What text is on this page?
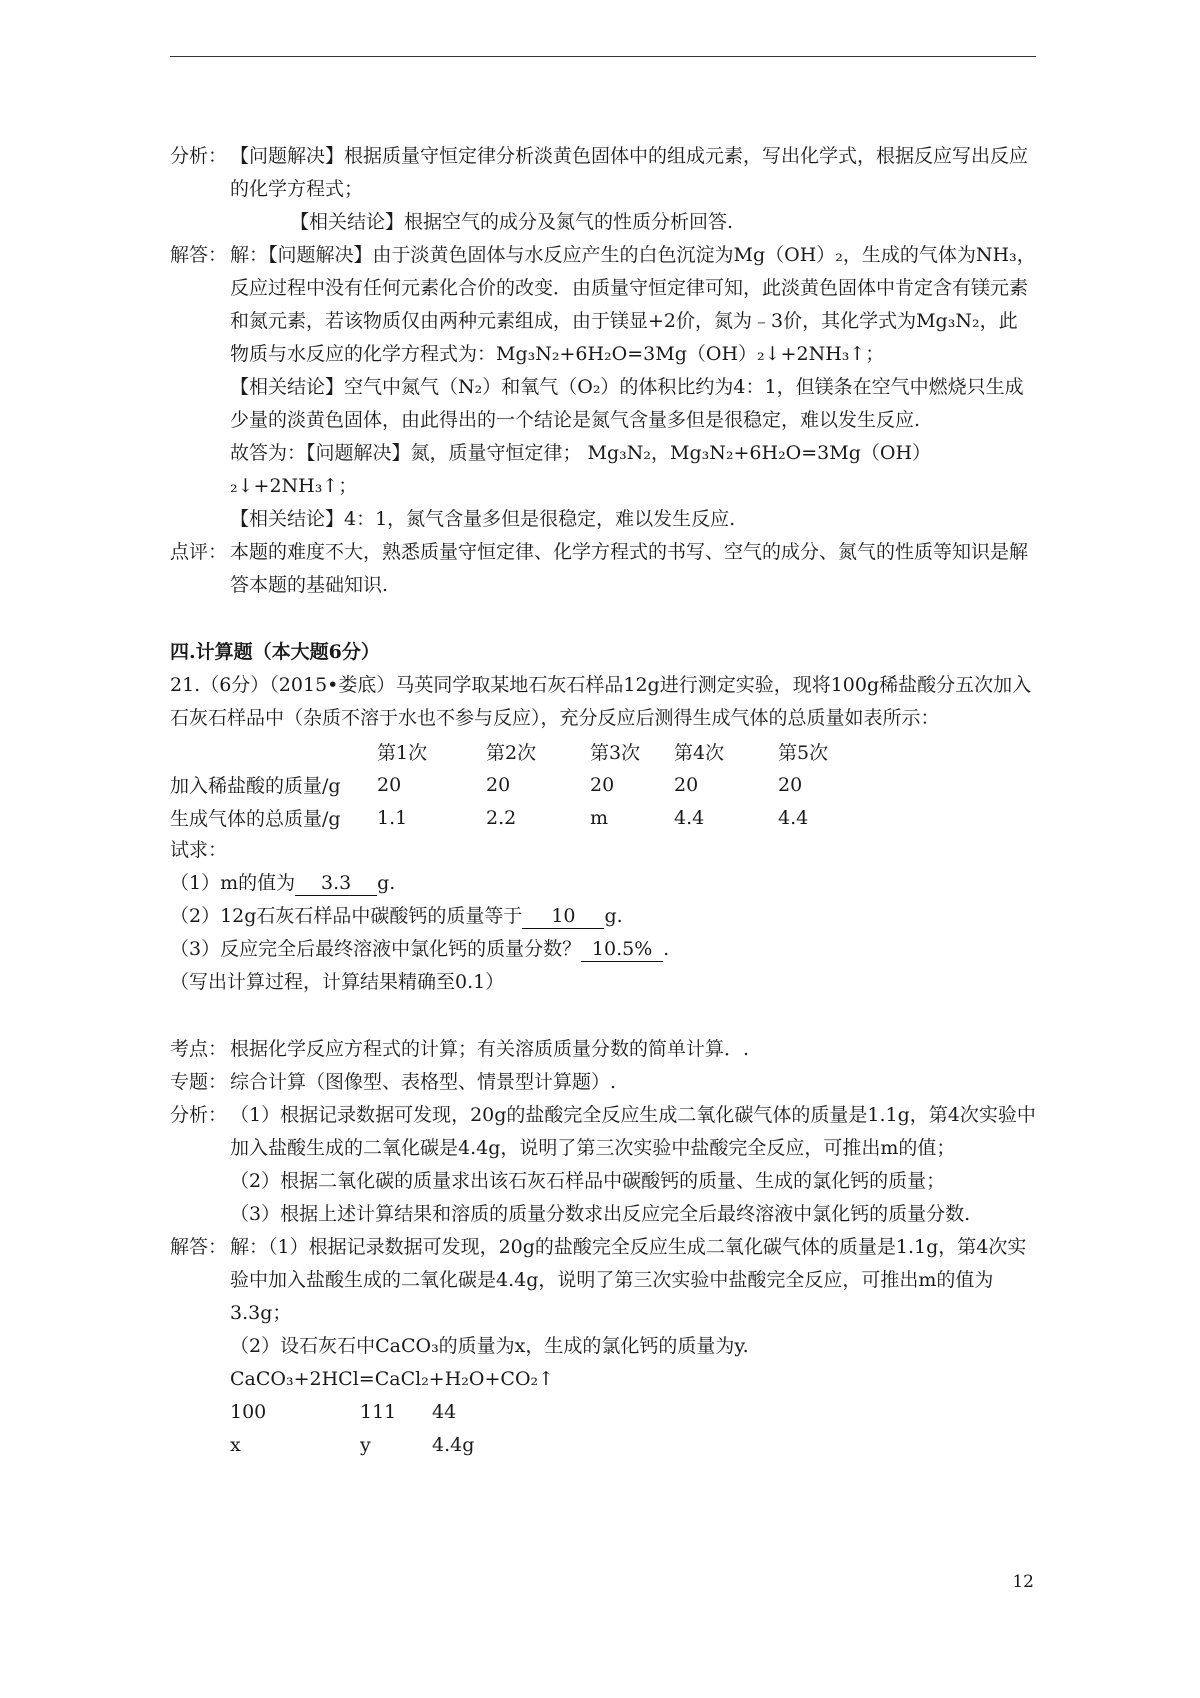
分析： 【问题解决】根据质量守恒定律分析淡黄色固体中的组成元素，写出化学式，根据反应写出反应的化学方程式；
【相关结论】根据空气的成分及氮气的性质分析回答.
解答： 解：【问题解决】由于淡黄色固体与水反应产生的白色沉淀为Mg（OH）₂，生成的气体为NH₃，反应过程中没有任何元素化合价的改变．由质量守恒定律可知，此淡黄色固体中肯定含有镁元素和氮元素，若该物质仅由两种元素组成，由于镁显+2价，氮为﹣3价，其化学式为Mg₃N₂，此物质与水反应的化学方程式为：Mg₃N₂+6H₂O=3Mg（OH）₂↓+2NH₃↑；
【相关结论】空气中氮气（N₂）和氧气（O₂）的体积比约为4：1，但镁条在空气中燃烧只生成少量的淡黄色固体，由此得出的一个结论是氮气含量多但是很稳定，难以发生反应.
故答为：【问题解决】氮，质量守恒定律； Mg₃N₂，Mg₃N₂+6H₂O=3Mg（OH）₂↓+2NH₃↑；
【相关结论】4：1，氮气含量多但是很稳定，难以发生反应.
点评： 本题的难度不大，熟悉质量守恒定律、化学方程式的书写、空气的成分、氮气的性质等知识是解答本题的基础知识.
四.计算题（本大题6分）
21.（6分）（2015•娄底）马英同学取某地石灰石样品12g进行测定实验，现将100g稀盐酸分五次加入石灰石样品中（杂质不溶于水也不参与反应），充分反应后测得生成气体的总质量如表所示：
	第1次	第2次	第3次	第4次	第5次
加入稀盐酸的质量/g	20	20	20	20	20
生成气体的总质量/g	1.1	2.2	m	4.4	4.4
试求：
（1）m的值为 3.3 g.
（2）12g石灰石样品中碳酸钙的质量等于 10 g.
（3）反应完全后最终溶液中氯化钙的质量分数？ 10.5% .
（写出计算过程，计算结果精确至0.1）
考点： 根据化学反应方程式的计算；有关溶质质量分数的简单计算．.
专题： 综合计算（图像型、表格型、情景型计算题）.
分析： （1）根据记录数据可发现，20g的盐酸完全反应生成二氧化碳气体的质量是1.1g，第4次实验中加入盐酸生成的二氧化碳是4.4g，说明了第三次实验中盐酸完全反应，可推出m的值；
（2）根据二氧化碳的质量求出该石灰石样品中碳酸钙的质量、生成的氯化钙的质量；
（3）根据上述计算结果和溶质的质量分数求出反应完全后最终溶液中氯化钙的质量分数.
解答： 解：（1）根据记录数据可发现，20g的盐酸完全反应生成二氧化碳气体的质量是1.1g，第4次实验中加入盐酸生成的二氧化碳是4.4g，说明了第三次实验中盐酸完全反应，可推出m的值为3.3g；
（2）设石灰石中CaCO₃的质量为x，生成的氯化钙的质量为y.
CaCO₃+2HCl=CaCl₂+H₂O+CO₂↑
100	111	44
x	y	4.4g
12
